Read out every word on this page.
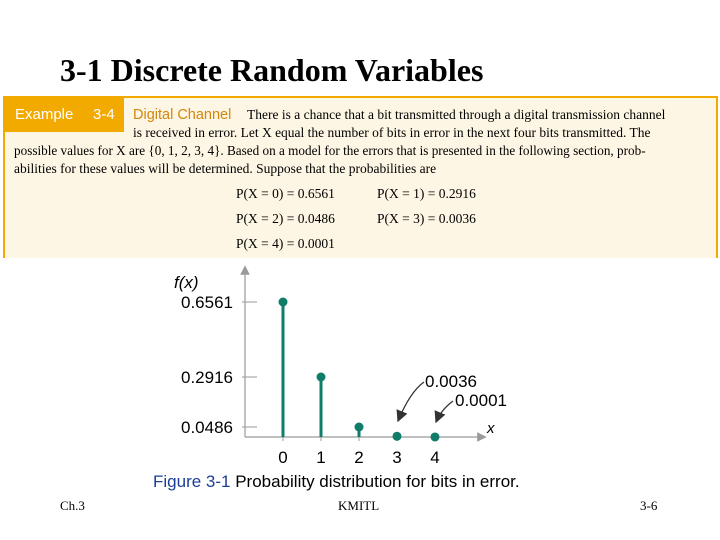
3-1 Discrete Random Variables
Example 3-4 Digital Channel There is a chance that a bit transmitted through a digital transmission channel
is received in error. Let X equal the number of bits in error in the next four bits transmitted. The
possible values for X are {0, 1, 2, 3, 4}. Based on a model for the errors that is presented in the following section, prob-
abilities for these values will be determined. Suppose that the probabilities are
P(X = 0) = 0.6561	P(X = 1) = 0.2916
P(X = 2) = 0.0486	P(X = 3) = 0.0036
P(X = 4) = 0.0001
f(x)
x
0.6561
0.2916
0.0486
0 1 2 3 4
0.0036
0.0001
Figure 3-1 Probability distribution for bits in error.
Ch.3	KMITL	3-6
